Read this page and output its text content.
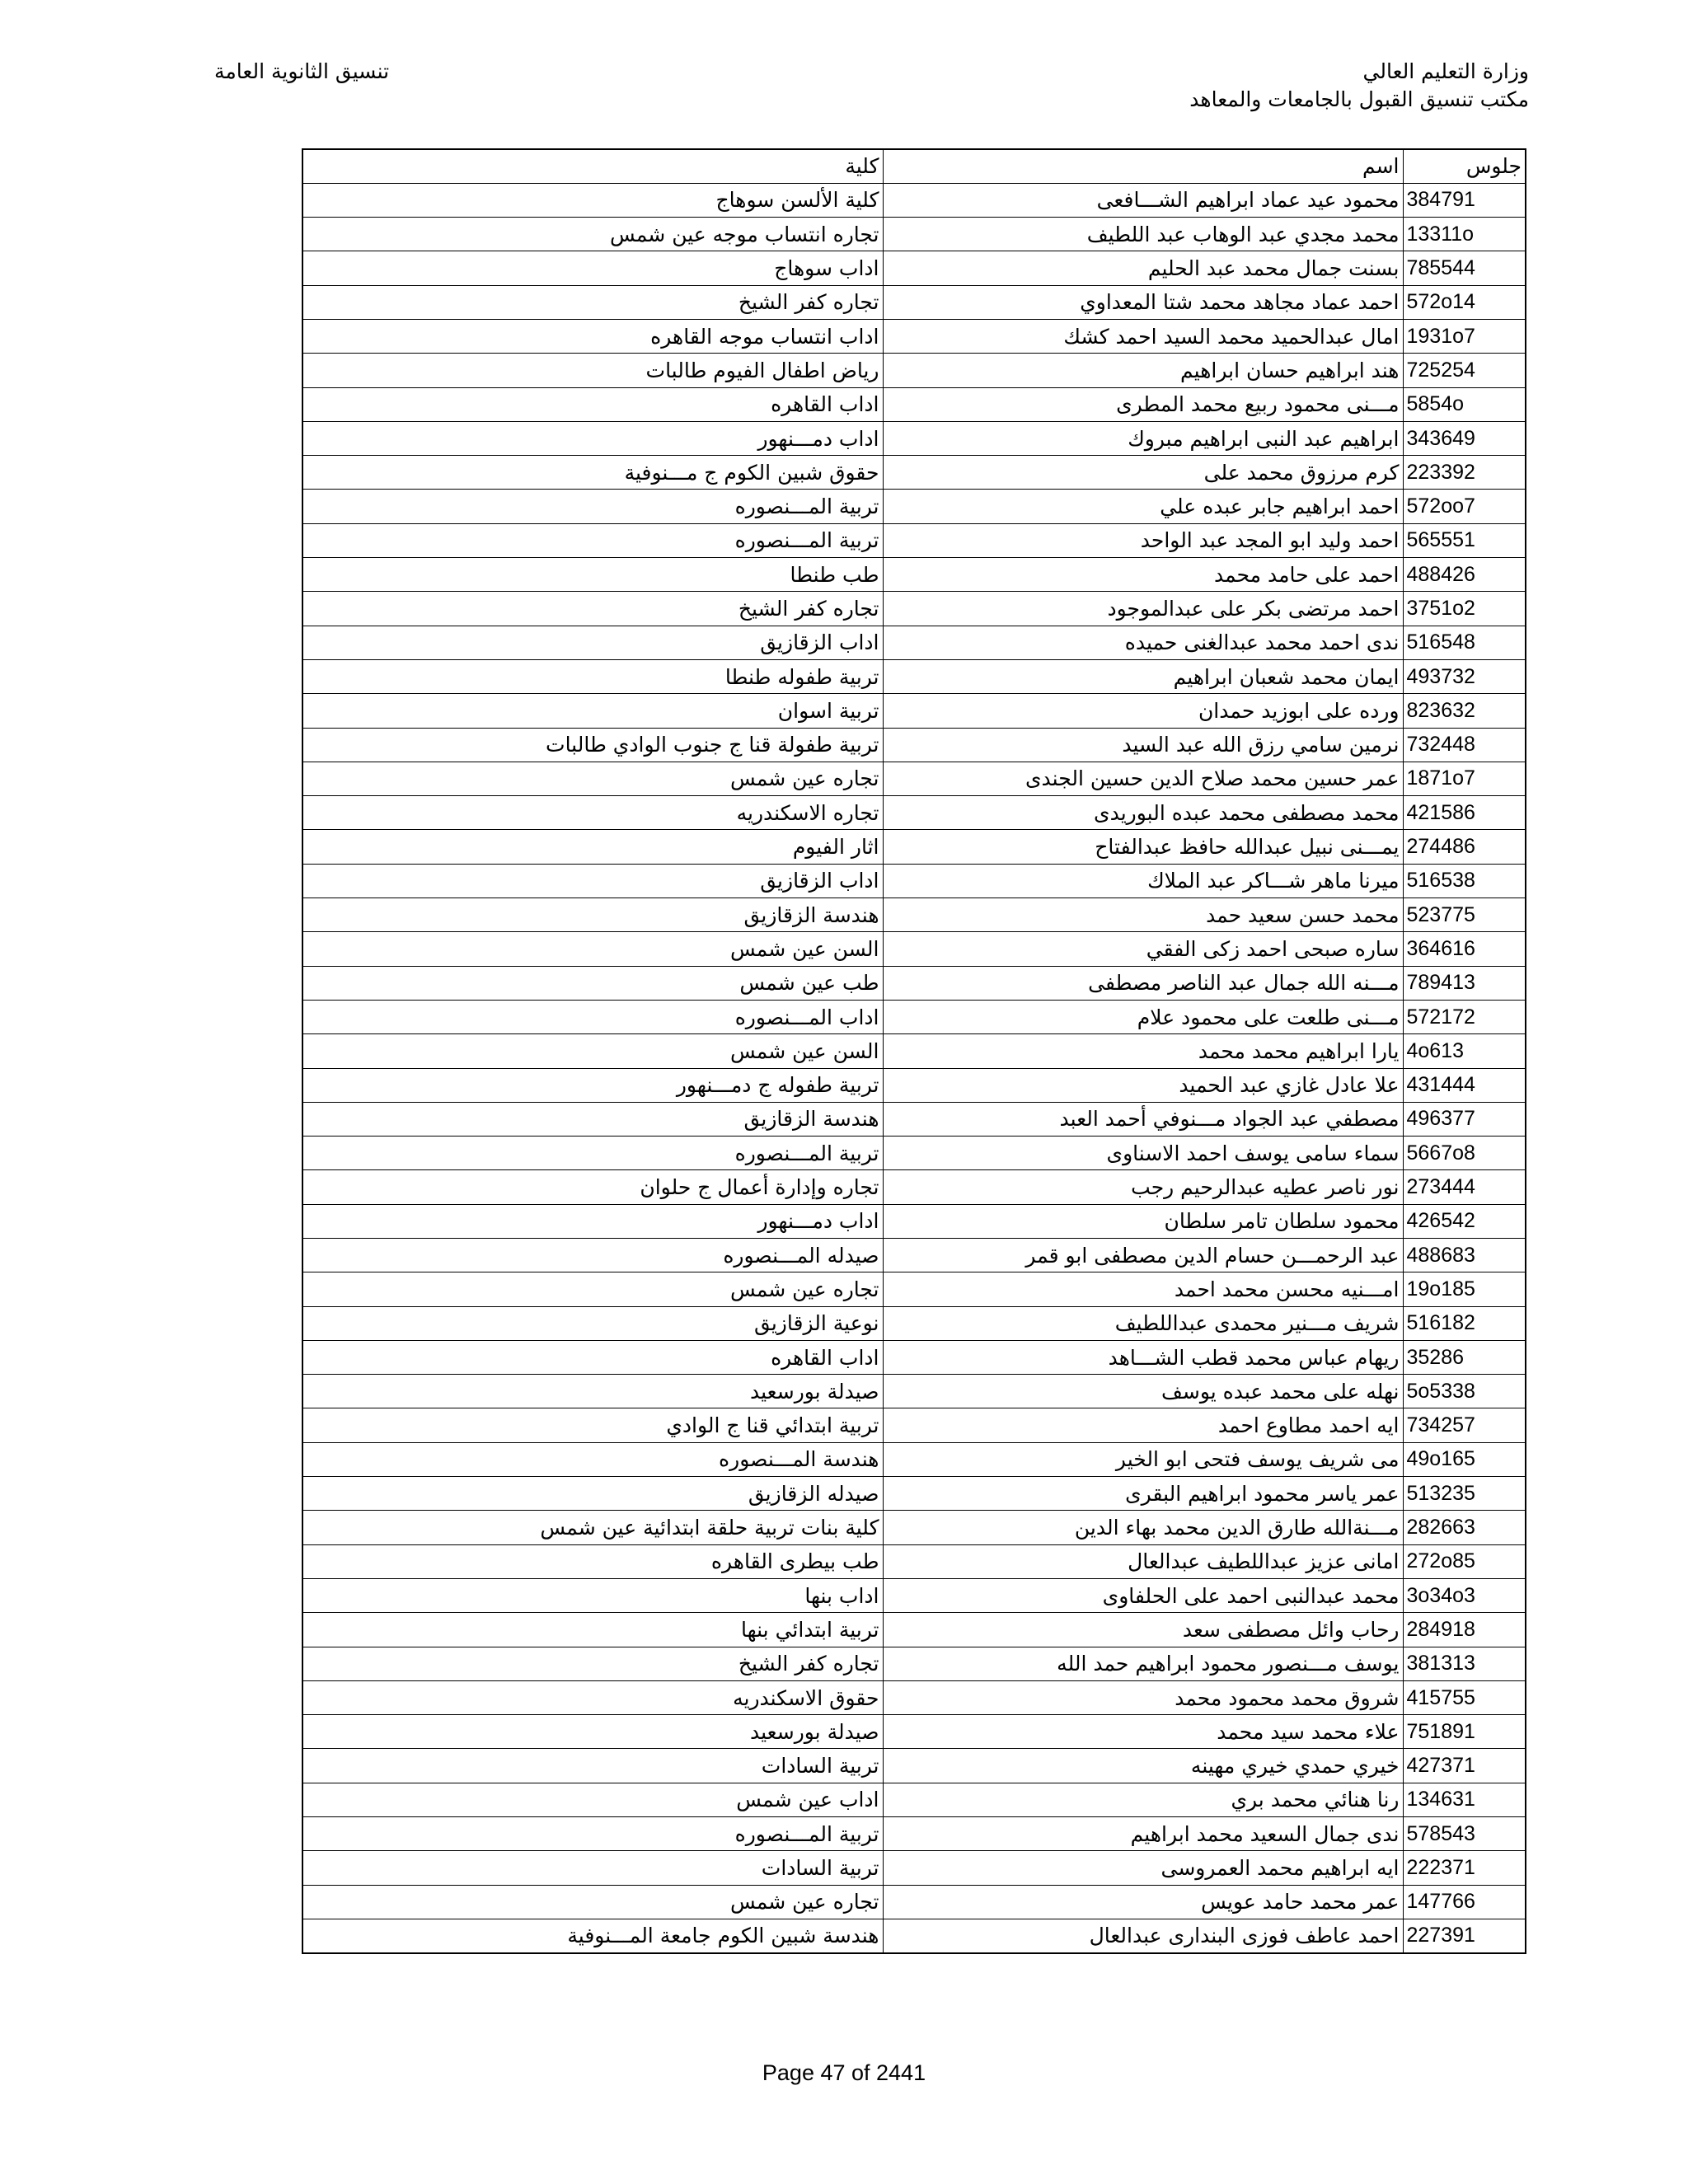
وزارة التعليم العالي
مكتب تنسيق القبول بالجامعات والمعاهد
تنسيق الثانوية العامة
جلوس	اسم	كلية
384791	محمود عيد عماد ابراهيم الشـــافعى	كلية الألسن سوهاج
13311o	محمد مجدي عبد الوهاب عبد اللطيف	تجاره انتساب موجه عين شمس
785544	بسنت جمال محمد عبد الحليم	اداب سوهاج
572o14	احمد عماد مجاهد محمد شتا المعداوي	تجاره كفر الشيخ
1931o7	امال عبدالحميد محمد السيد احمد كشك	اداب انتساب موجه القاهره
725254	هند ابراهيم حسان ابراهيم	رياض اطفال الفيوم طالبات
5854o	مـــنى محمود ربيع محمد المطرى	اداب القاهره
343649	ابراهيم عبد النبى ابراهيم مبروك	اداب دمـــنهور
223392	كرم مرزوق محمد على	حقوق شبين الكوم ج مـــنوفية
572oo7	احمد ابراهيم جابر عبده علي	تربية المـــنصوره
565551	احمد وليد ابو المجد عبد الواحد	تربية المـــنصوره
488426	احمد على حامد محمد	طب طنطا
3751o2	احمد مرتضى بكر على عبدالموجود	تجاره كفر الشيخ
516548	ندى احمد محمد عبدالغنى حميده	اداب الزقازيق
493732	ايمان محمد شعبان ابراهيم	تربية طفوله طنطا
823632	ورده على ابوزيد حمدان	تربية اسوان
732448	نرمين سامي رزق الله عبد السيد	تربية طفولة قنا ج جنوب الوادي طالبات
1871o7	عمر حسين محمد صلاح الدين حسين الجندى	تجاره عين شمس
421586	محمد مصطفى محمد عبده البوريدى	تجاره الاسكندريه
274486	يمـــنى نبيل عبدالله حافظ عبدالفتاح	اثار الفيوم
516538	ميرنا ماهر شـــاكر عبد الملاك	اداب الزقازيق
523775	محمد حسن سعيد حمد	هندسة الزقازيق
364616	ساره صبحى احمد زكى الفقي	السن عين شمس
789413	مـــنه الله جمال عبد الناصر مصطفى	طب عين شمس
572172	مـــنى طلعت على محمود علام	اداب المـــنصوره
4o613	يارا ابراهيم محمد محمد	السن عين شمس
431444	علا عادل غازي عبد الحميد	تربية طفوله ج دمـــنهور
496377	مصطفي عبد الجواد مـــنوفي أحمد العبد	هندسة الزقازيق
5667o8	سماء سامى يوسف احمد الاسناوى	تربية المـــنصوره
273444	نور ناصر عطيه عبدالرحيم رجب	تجاره وإدارة أعمال ج حلوان
426542	محمود سلطان تامر سلطان	اداب دمـــنهور
488683	عبد الرحمـــن حسام الدين مصطفى ابو قمر	صيدله المـــنصوره
19o185	امـــنيه محسن محمد احمد	تجاره عين شمس
516182	شريف مـــنير محمدى عبداللطيف	نوعية الزقازيق
35286	ريهام عباس محمد قطب الشـــاهد	اداب القاهره
5o5338	نهله على محمد عبده يوسف	صيدلة بورسعيد
734257	ايه احمد مطاوع احمد	تربية ابتدائي قنا ج الوادي
49o165	مى شريف يوسف فتحى ابو الخير	هندسة المـــنصوره
513235	عمر ياسر محمود ابراهيم البقرى	صيدله الزقازيق
282663	مـــنةالله طارق الدين محمد بهاء الدين	كلية بنات تربية حلقة ابتدائية عين شمس
272o85	امانى عزيز عبداللطيف عبدالعال	طب بيطرى القاهره
3o34o3	محمد عبدالنبى احمد على الحلفاوى	اداب بنها
284918	رحاب وائل مصطفى سعد	تربية ابتدائي بنها
381313	يوسف مـــنصور محمود ابراهيم حمد الله	تجاره كفر الشيخ
415755	شروق محمد محمود محمد	حقوق الاسكندريه
751891	علاء محمد سيد محمد	صيدلة بورسعيد
427371	خيري حمدي خيري مهينه	تربية السادات
134631	رنا هنائي محمد بري	اداب عين شمس
578543	ندى جمال السعيد محمد ابراهيم	تربية المـــنصوره
222371	ايه ابراهيم محمد العمروسى	تربية السادات
147766	عمر محمد حامد عويس	تجاره عين شمس
227391	احمد عاطف فوزى البندارى عبدالعال	هندسة شبين الكوم جامعة المـــنوفية
Page 47 of 2441
